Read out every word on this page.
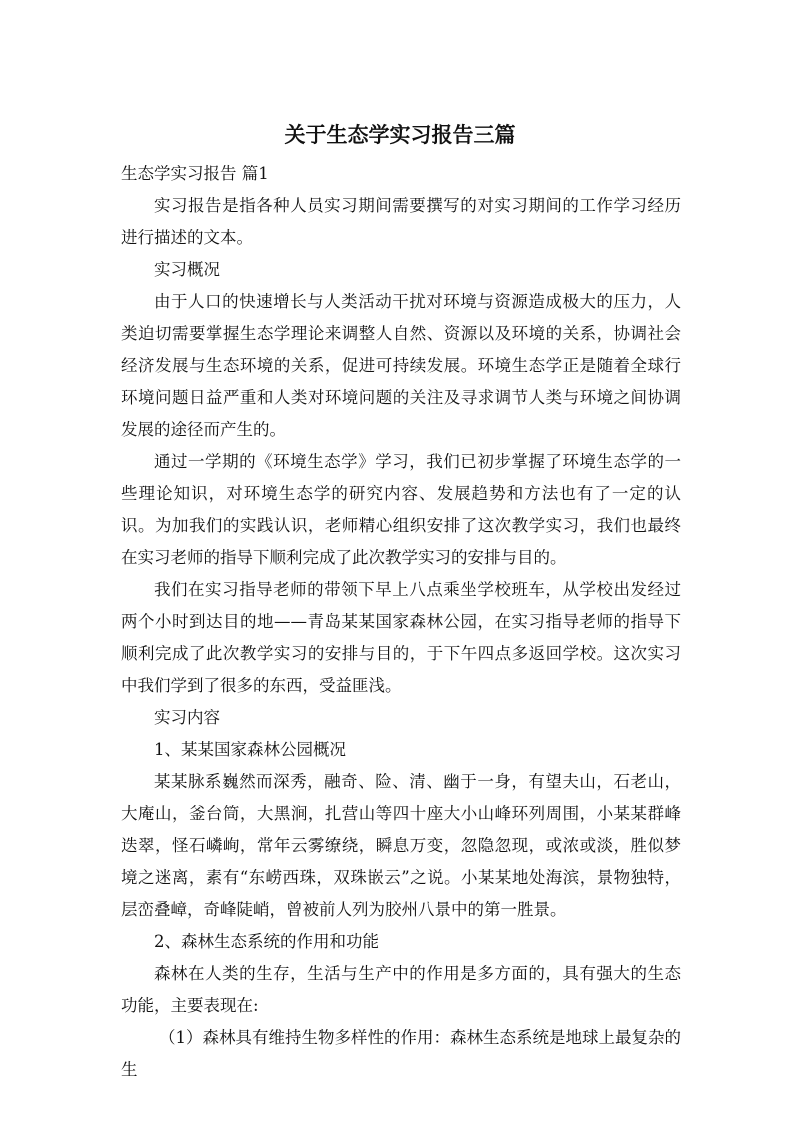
关于生态学实习报告三篇

生态学实习报告 篇1

实习报告是指各种人员实习期间需要撰写的对实习期间的工作学习经历进行描述的文本。

实习概况

由于人口的快速增长与人类活动干扰对环境与资源造成极大的压力，人类迫切需要掌握生态学理论来调整人自然、资源以及环境的关系，协调社会经济发展与生态环境的关系，促进可持续发展。环境生态学正是随着全球行环境问题日益严重和人类对环境问题的关注及寻求调节人类与环境之间协调发展的途径而产生的。

通过一学期的《环境生态学》学习，我们已初步掌握了环境生态学的一些理论知识，对环境生态学的研究内容、发展趋势和方法也有了一定的认识。为加我们的实践认识，老师精心组织安排了这次教学实习，我们也最终在实习老师的指导下顺利完成了此次教学实习的安排与目的。

我们在实习指导老师的带领下早上八点乘坐学校班车，从学校出发经过两个小时到达目的地——青岛某某国家森林公园，在实习指导老师的指导下顺利完成了此次教学实习的安排与目的，于下午四点多返回学校。这次实习中我们学到了很多的东西，受益匪浅。

实习内容

1、某某国家森林公园概况

某某脉系巍然而深秀，融奇、险、清、幽于一身，有望夫山，石老山，大庵山，釜台筒，大黑涧，扎营山等四十座大小山峰环列周围，小某某群峰迭翠，怪石嶙峋，常年云雾缭绕，瞬息万变，忽隐忽现，或浓或淡，胜似梦境之迷离，素有“东崂西珠，双珠嵌云”之说。小某某地处海滨，景物独特，层峦叠嶂，奇峰陡峭，曾被前人列为胶州八景中的第一胜景。

2、森林生态系统的作用和功能

森林在人类的生存，生活与生产中的作用是多方面的，具有强大的生态功能，主要表现在:

（1）森林具有维持生物多样性的作用：森林生态系统是地球上最复杂的生
